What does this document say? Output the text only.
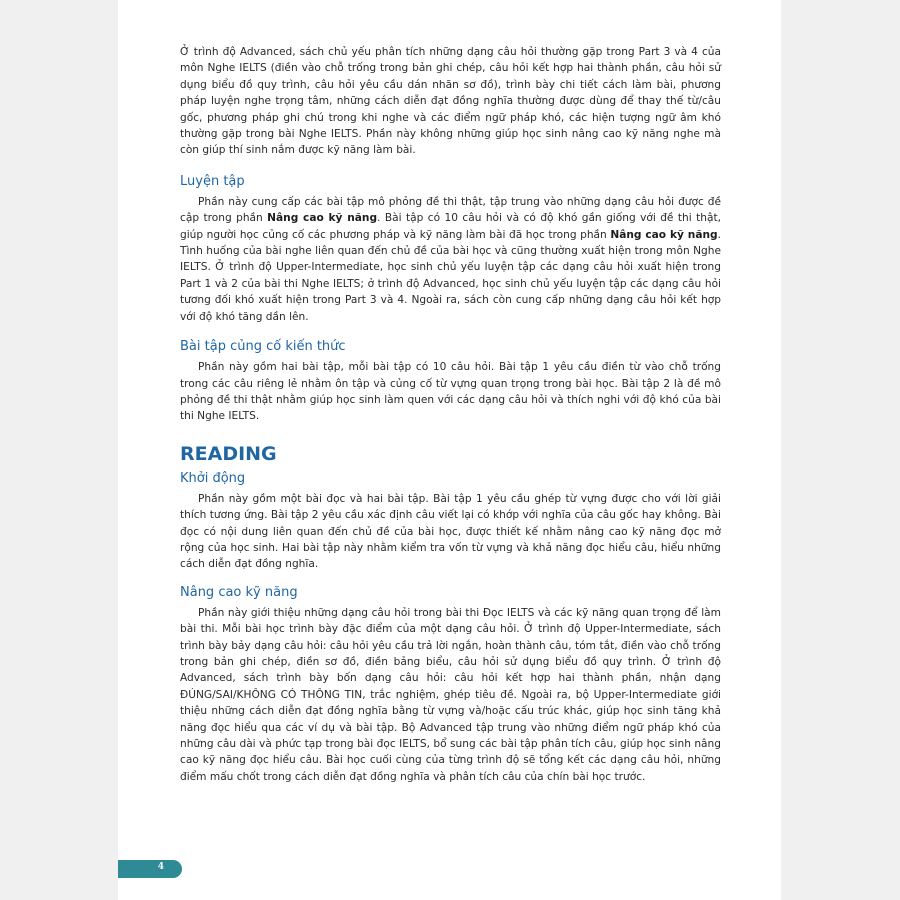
Ở trình độ Advanced, sách chủ yếu phân tích những dạng câu hỏi thường gặp trong Part 3 và 4 của môn Nghe IELTS (điền vào chỗ trống trong bản ghi chép, câu hỏi kết hợp hai thành phần, câu hỏi sử dụng biểu đồ quy trình, câu hỏi yêu cầu dán nhãn sơ đồ), trình bày chi tiết cách làm bài, phương pháp luyện nghe trọng tâm, những cách diễn đạt đồng nghĩa thường được dùng để thay thế từ/câu gốc, phương pháp ghi chú trong khi nghe và các điểm ngữ pháp khó, các hiện tượng ngữ âm khó thường gặp trong bài Nghe IELTS. Phần này không những giúp học sinh nâng cao kỹ năng nghe mà còn giúp thí sinh nắm được kỹ năng làm bài.

Luyện tập

Phần này cung cấp các bài tập mô phỏng đề thi thật, tập trung vào những dạng câu hỏi được đề cập trong phần Nâng cao kỹ năng. Bài tập có 10 câu hỏi và có độ khó gần giống với đề thi thật, giúp người học củng cố các phương pháp và kỹ năng làm bài đã học trong phần Nâng cao kỹ năng. Tình huống của bài nghe liên quan đến chủ đề của bài học và cũng thường xuất hiện trong môn Nghe IELTS. Ở trình độ Upper-Intermediate, học sinh chủ yếu luyện tập các dạng câu hỏi xuất hiện trong Part 1 và 2 của bài thi Nghe IELTS; ở trình độ Advanced, học sinh chủ yếu luyện tập các dạng câu hỏi tương đối khó xuất hiện trong Part 3 và 4. Ngoài ra, sách còn cung cấp những dạng câu hỏi kết hợp với độ khó tăng dần lên.

Bài tập củng cố kiến thức

Phần này gồm hai bài tập, mỗi bài tập có 10 câu hỏi. Bài tập 1 yêu cầu điền từ vào chỗ trống trong các câu riêng lẻ nhằm ôn tập và củng cố từ vựng quan trọng trong bài học. Bài tập 2 là đề mô phỏng đề thi thật nhằm giúp học sinh làm quen với các dạng câu hỏi và thích nghi với độ khó của bài thi Nghe IELTS.

READING
Khởi động

Phần này gồm một bài đọc và hai bài tập. Bài tập 1 yêu cầu ghép từ vựng được cho với lời giải thích tương ứng. Bài tập 2 yêu cầu xác định câu viết lại có khớp với nghĩa của câu gốc hay không. Bài đọc có nội dung liên quan đến chủ đề của bài học, được thiết kế nhằm nâng cao kỹ năng đọc mở rộng của học sinh. Hai bài tập này nhằm kiểm tra vốn từ vựng và khả năng đọc hiểu câu, hiểu những cách diễn đạt đồng nghĩa.

Nâng cao kỹ năng

Phần này giới thiệu những dạng câu hỏi trong bài thi Đọc IELTS và các kỹ năng quan trọng để làm bài thi. Mỗi bài học trình bày đặc điểm của một dạng câu hỏi. Ở trình độ Upper-Intermediate, sách trình bày bảy dạng câu hỏi: câu hỏi yêu cầu trả lời ngắn, hoàn thành câu, tóm tắt, điền vào chỗ trống trong bản ghi chép, điền sơ đồ, điền bảng biểu, câu hỏi sử dụng biểu đồ quy trình. Ở trình độ Advanced, sách trình bày bốn dạng câu hỏi: câu hỏi kết hợp hai thành phần, nhận dạng ĐÚNG/SAI/KHÔNG CÓ THÔNG TIN, trắc nghiệm, ghép tiêu đề. Ngoài ra, bộ Upper-Intermediate giới thiệu những cách diễn đạt đồng nghĩa bằng từ vựng và/hoặc cấu trúc khác, giúp học sinh tăng khả năng đọc hiểu qua các ví dụ và bài tập. Bộ Advanced tập trung vào những điểm ngữ pháp khó của những câu dài và phức tạp trong bài đọc IELTS, bổ sung các bài tập phân tích câu, giúp học sinh nâng cao kỹ năng đọc hiểu câu. Bài học cuối cùng của từng trình độ sẽ tổng kết các dạng câu hỏi, những điểm mấu chốt trong cách diễn đạt đồng nghĩa và phân tích câu của chín bài học trước.

4
